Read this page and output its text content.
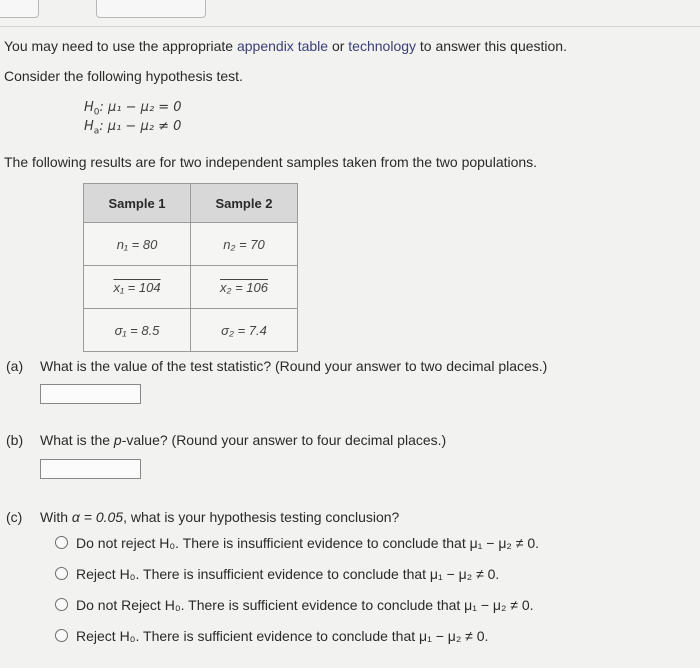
You may need to use the appropriate appendix table or technology to answer this question.
Consider the following hypothesis test.
$H_0$: μ₁ − μ₂ = 0
$H_a$: μ₁ − μ₂ ≠ 0
The following results are for two independent samples taken from the two populations.
Sample 1	Sample 2
n₁ = 80	n₂ = 70
x₁ = 104	x₂ = 106
σ₁ = 8.5	σ₂ = 7.4
(a) What is the value of the test statistic? (Round your answer to two decimal places.)
(b) What is the p-value? (Round your answer to four decimal places.)
(c) With α = 0.05, what is your hypothesis testing conclusion?
Do not reject H₀. There is insufficient evidence to conclude that μ₁ − μ₂ ≠ 0.
Reject H₀. There is insufficient evidence to conclude that μ₁ − μ₂ ≠ 0.
Do not Reject H₀. There is sufficient evidence to conclude that μ₁ − μ₂ ≠ 0.
Reject H₀. There is sufficient evidence to conclude that μ₁ − μ₂ ≠ 0.
